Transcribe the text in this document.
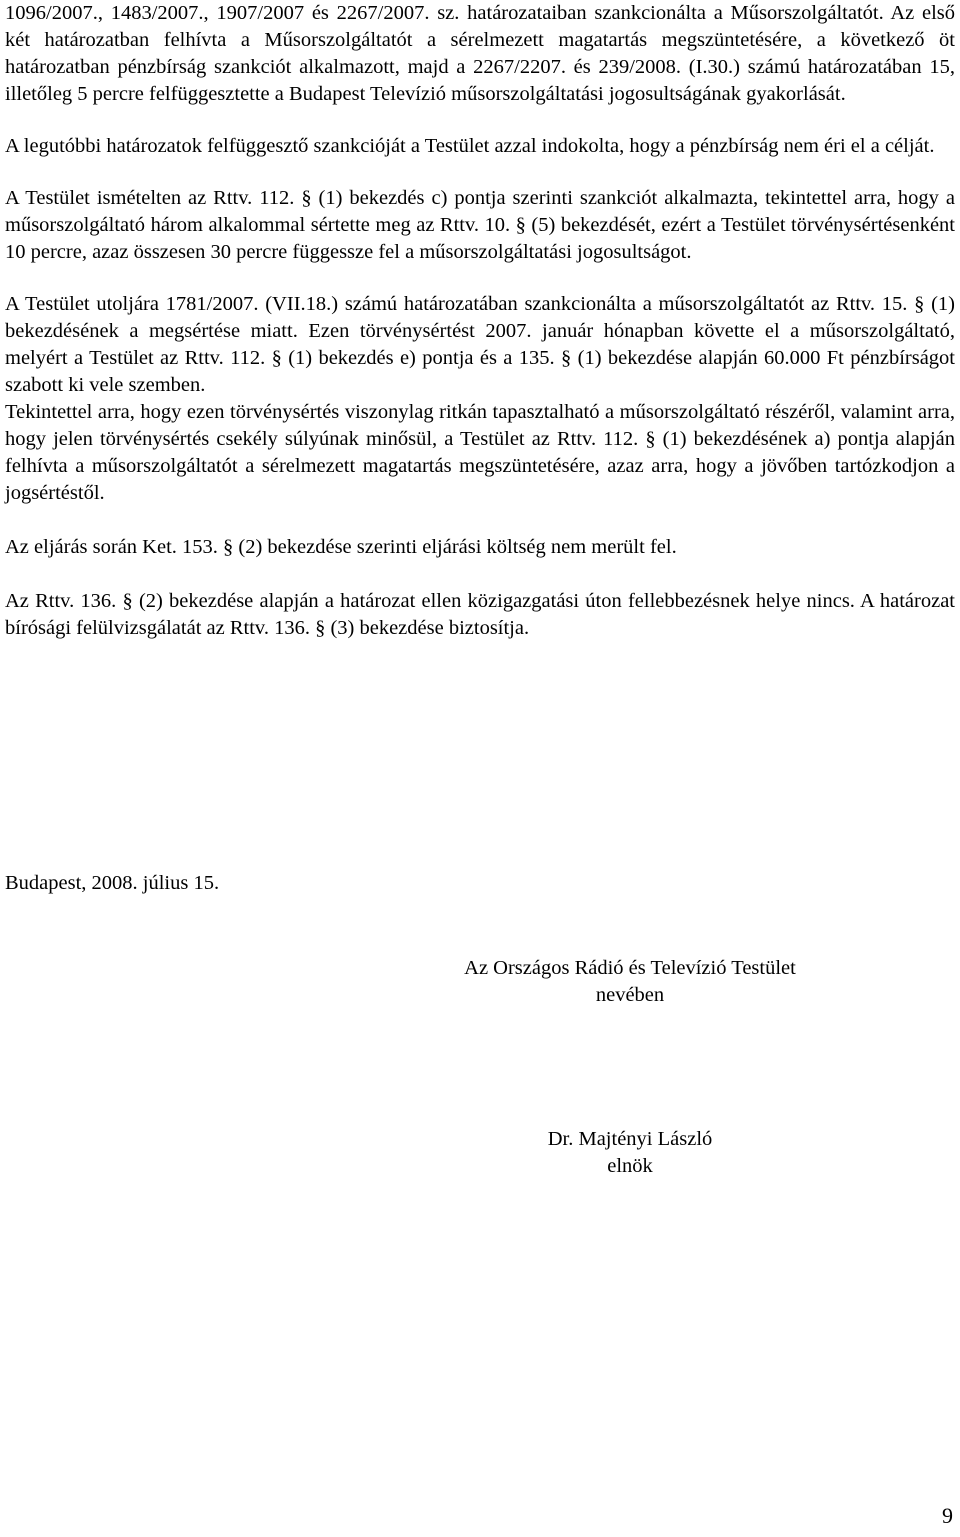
1096/2007., 1483/2007., 1907/2007 és 2267/2007. sz. határozataiban szankcionálta a Műsorszolgáltatót. Az első két határozatban felhívta a Műsorszolgáltatót a sérelmezett magatartás megszüntetésére, a következő öt határozatban pénzbírság szankciót alkalmazott, majd a 2267/2207. és 239/2008. (I.30.) számú határozatában 15, illetőleg 5 percre felfüggesztette a Budapest Televízió műsorszolgáltatási jogosultságának gyakorlását.

A legutóbbi határozatok felfüggesztő szankcióját a Testület azzal indokolta, hogy a pénzbírság nem éri el a célját.

A Testület ismételten az Rttv. 112. § (1) bekezdés c) pontja szerinti szankciót alkalmazta, tekintettel arra, hogy a műsorszolgáltató három alkalommal sértette meg az Rttv. 10. § (5) bekezdését, ezért a Testület törvénysértésenként 10 percre, azaz összesen 30 percre függessze fel a műsorszolgáltatási jogosultságot.

A Testület utoljára 1781/2007. (VII.18.) számú határozatában szankcionálta a műsorszolgáltatót az Rttv. 15. § (1) bekezdésének a megsértése miatt. Ezen törvénysértést 2007. január hónapban követte el a műsorszolgáltató, melyért a Testület az Rttv. 112. § (1) bekezdés e) pontja és a 135. § (1) bekezdése alapján 60.000 Ft pénzbírságot szabott ki vele szemben.

Tekintettel arra, hogy ezen törvénysértés viszonylag ritkán tapasztalható a műsorszolgáltató részéről, valamint arra, hogy jelen törvénysértés csekély súlyúnak minősül, a Testület az Rttv. 112. § (1) bekezdésének a) pontja alapján felhívta a műsorszolgáltatót a sérelmezett magatartás megszüntetésére, azaz arra, hogy a jövőben tartózkodjon a jogsértéstől.

Az eljárás során Ket. 153. § (2) bekezdése szerinti eljárási költség nem merült fel.

Az Rttv. 136. § (2) bekezdése alapján a határozat ellen közigazgatási úton fellebbezésnek helye nincs. A határozat bírósági felülvizsgálatát az Rttv. 136. § (3) bekezdése biztosítja.

Budapest, 2008. július 15.

Az Országos Rádió és Televízió Testület
nevében
Dr. Majtényi László
elnök
9
